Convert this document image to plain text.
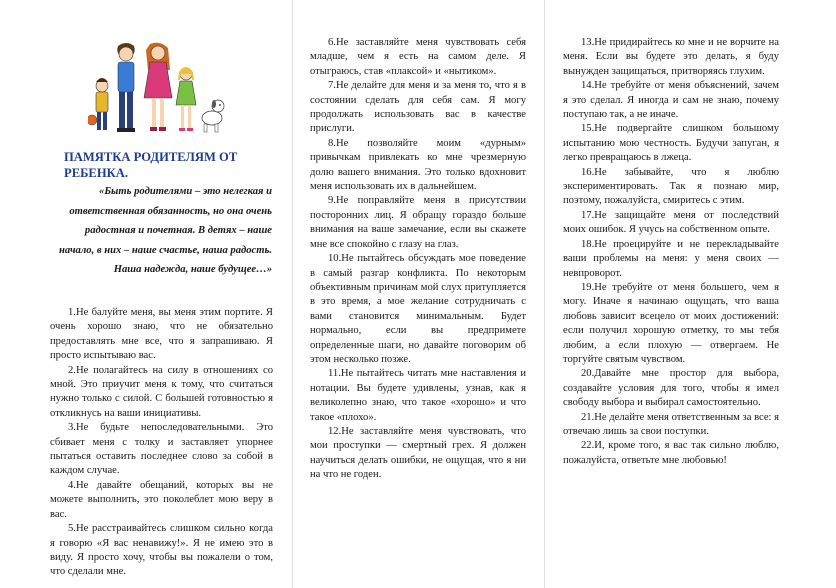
ПАМЯТКА РОДИТЕЛЯМ ОТ РЕБЕНКА.
«Быть родителями – это нелегкая и ответственная обязанность, но она очень радостная и почетная. В детях – наше начало, в них – наше счастье, наша радость. Наша надежда, наше будущее…»

1.Не балуйте меня, вы меня этим портите. Я очень хорошо знаю, что не обязательно предоставлять мне все, что я запрашиваю. Я просто испытываю вас.

2.Не полагайтесь на силу в отношениях со мной. Это приучит меня к тому, что считаться нужно только с силой. С большей готовностью я откликнусь на ваши инициативы.

3.Не будьте непоследовательными. Это сбивает меня с толку и заставляет упорнее пытаться оставить последнее слово за собой в каждом случае.

4.Не давайте обещаний, которых вы не можете выполнить, это поколеблет мою веру в вас.

5.Не расстраивайтесь слишком сильно когда я говорю «Я вас ненавижу!». Я не имею это в виду. Я просто хочу, чтобы вы пожалели о том, что сделали мне.

6.Не заставляйте меня чувствовать себя младше, чем я есть на самом деле. Я отыграюсь, став «плаксой» и «нытиком».

7.Не делайте для меня и за меня то, что я в состоянии сделать для себя сам. Я могу продолжать использовать вас в качестве прислуги.

8.Не позволяйте моим «дурным» привычкам привлекать ко мне чрезмерную долю вашего внимания. Это только вдохновит меня использовать их в дальнейшем.

9.Не поправляйте меня в присутствии посторонних лиц. Я обращу гораздо больше внимания на ваше замечание, если вы скажете мне все спокойно с глазу на глаз.

10.Не пытайтесь обсуждать мое поведение в самый разгар конфликта. По некоторым объективным причинам мой слух притупляется в это время, а мое желание сотрудничать с вами становится минимальным. Будет нормально, если вы предпримете определенные шаги, но давайте поговорим об этом несколько позже.

11.Не пытайтесь читать мне наставления и нотации. Вы будете удивлены, узнав, как я великолепно знаю, что такое «хорошо» и что такое «плохо».

12.Не заставляйте меня чувствовать, что мои проступки — смертный грех. Я должен научиться делать ошибки, не ощущая, что я ни на что не годен.

13.Не придирайтесь ко мне и не ворчите на меня. Если вы будете это делать, я буду вынужден защищаться, притворяясь глухим.

14.Не требуйте от меня объяснений, зачем я это сделал. Я иногда и сам не знаю, почему поступаю так, а не иначе.

15.Не подвергайте слишком большому испытанию мою честность. Будучи запуган, я легко превращаюсь в лжеца.

16.Не забывайте, что я люблю экспериментировать. Так я познаю мир, поэтому, пожалуйста, смиритесь с этим.

17.Не защищайте меня от последствий моих ошибок. Я учусь на собственном опыте.

18.Не проецируйте и не перекладывайте ваши проблемы на меня: у меня своих — невпроворот.

19.Не требуйте от меня большего, чем я могу. Иначе я начинаю ощущать, что ваша любовь зависит всецело от моих достижений: если получил хорошую отметку, то мы тебя любим, а если плохую — отвергаем. Не торгуйте святым чувством.

20.Давайте мне простор для выбора, создавайте условия для того, чтобы я имел свободу выбора и выбирал самостоятельно.

21.Не делайте меня ответственным за все: я отвечаю лишь за свои поступки.

22.И, кроме того, я вас так сильно люблю, пожалуйста, ответьте мне любовью!
